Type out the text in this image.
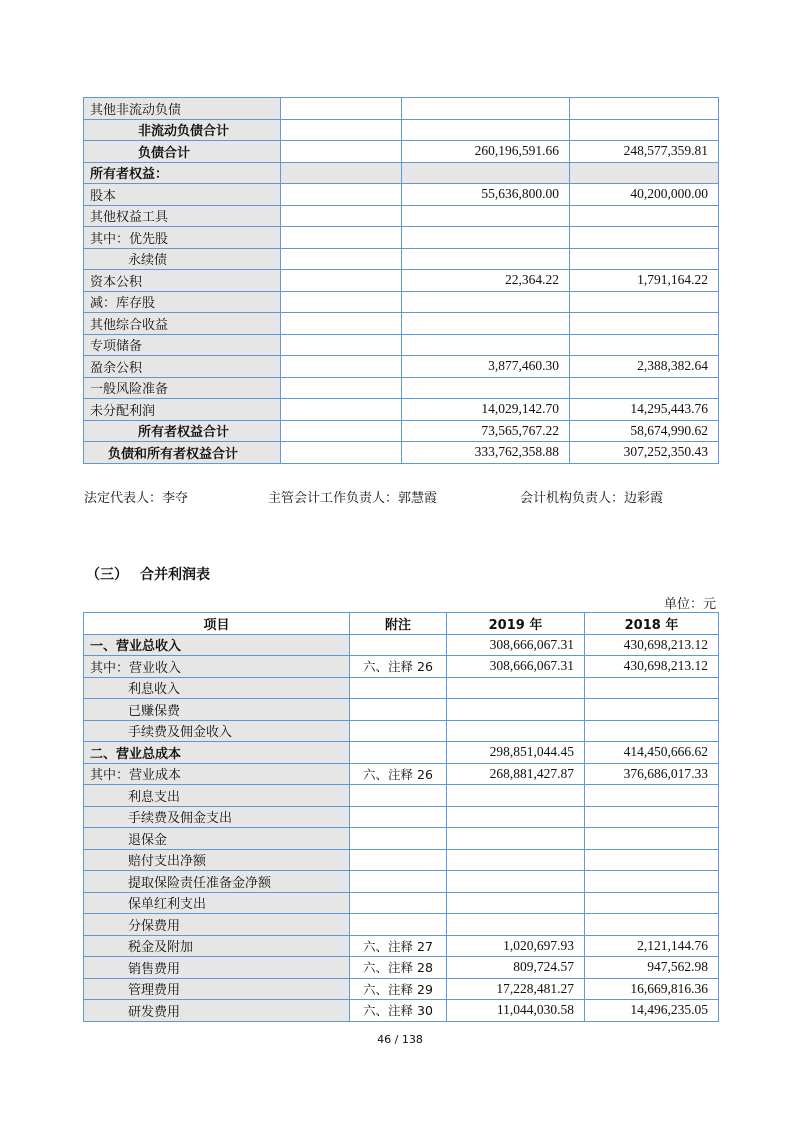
其他非流动负债			
非流动负债合计			
负债合计		260,196,591.66	248,577,359.81
所有者权益：			
股本		55,636,800.00	40,200,000.00
其他权益工具			
其中：优先股			
永续债			
资本公积		22,364.22	1,791,164.22
减：库存股			
其他综合收益			
专项储备			
盈余公积		3,877,460.30	2,388,382.64
一般风险准备			
未分配利润		14,029,142.70	14,295,443.76
所有者权益合计		73,565,767.22	58,674,990.62
负债和所有者权益合计		333,762,358.88	307,252,350.43
法定代表人：李夺	主管会计工作负责人：郭慧霞	会计机构负责人：边彩霞
（三） 合并利润表
单位：元
项目	附注	2019 年	2018 年
一、营业总收入		308,666,067.31	430,698,213.12
其中：营业收入	六、注释 26	308,666,067.31	430,698,213.12
利息收入			
已赚保费			
手续费及佣金收入			
二、营业总成本		298,851,044.45	414,450,666.62
其中：营业成本	六、注释 26	268,881,427.87	376,686,017.33
利息支出			
手续费及佣金支出			
退保金			
赔付支出净额			
提取保险责任准备金净额			
保单红利支出			
分保费用			
税金及附加	六、注释 27	1,020,697.93	2,121,144.76
销售费用	六、注释 28	809,724.57	947,562.98
管理费用	六、注释 29	17,228,481.27	16,669,816.36
研发费用	六、注释 30	11,044,030.58	14,496,235.05
46 / 138
